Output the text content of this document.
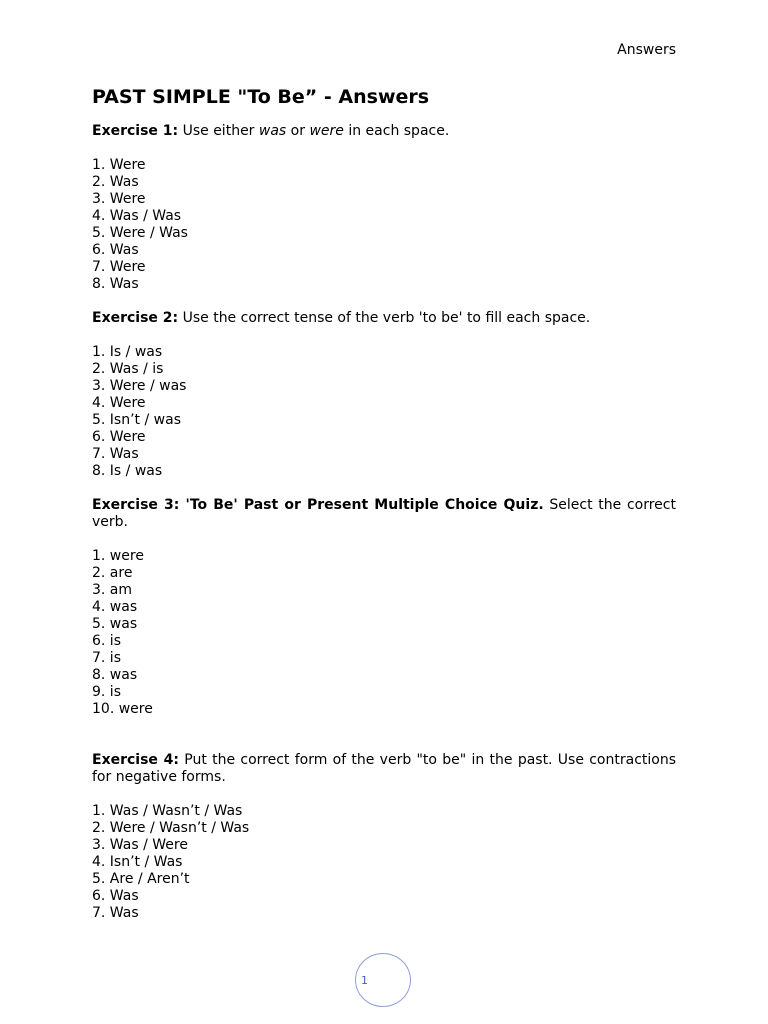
Answers
PAST SIMPLE "To Be” - Answers
Exercise 1: Use either was or were in each space.
1. Were
2. Was
3. Were
4. Was / Was
5. Were / Was
6. Was
7. Were
8. Was
Exercise 2: Use the correct tense of the verb 'to be' to fill each space.
1. Is / was
2. Was / is
3. Were / was
4. Were
5. Isn’t / was
6. Were
7. Was
8. Is / was
Exercise 3: 'To Be' Past or Present Multiple Choice Quiz. Select the correct verb.
1. were
2. are
3. am
4. was
5. was
6. is
7. is
8. was
9. is
10. were
Exercise 4: Put the correct form of the verb "to be" in the past. Use contractions for negative forms.
1. Was / Wasn’t / Was
2. Were / Wasn’t / Was
3. Was / Were
4. Isn’t / Was
5. Are / Aren’t
6. Was
7. Was
1
